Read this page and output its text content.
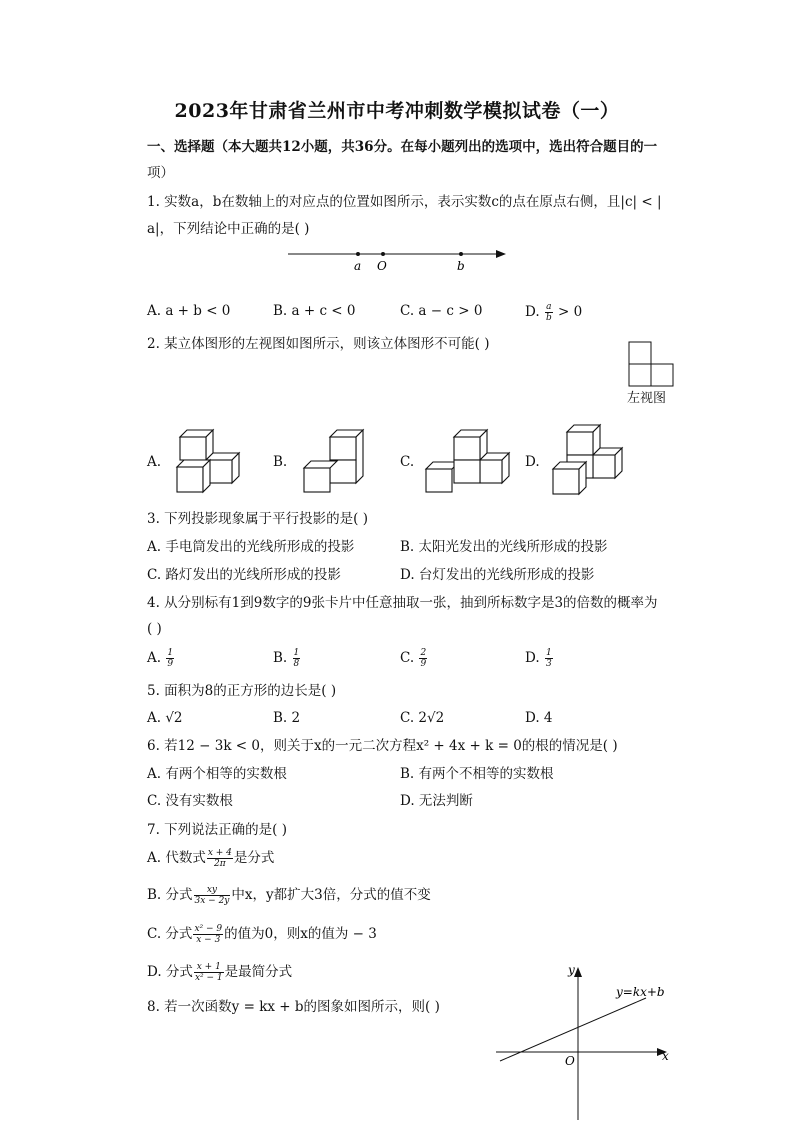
2023年甘肃省兰州市中考冲刺数学模拟试卷（一）
一、选择题（本大题共12小题，共36分。在每小题列出的选项中，选出符合题目的一
项）
1. 实数a，b在数轴上的对应点的位置如图所示，表示实数c的点在原点右侧，且|c| < |
a|，下列结论中正确的是( )
a O	b
A. a + b < 0	B. a + c < 0	C. a − c > 0	D. $\frac{a}{b} > 0$
2. 某立体图形的左视图如图所示，则该立体图形不可能( )
左视图
A.	B.	C.	D.
3. 下列投影现象属于平行投影的是( )
A. 手电筒发出的光线所形成的投影	B. 太阳光发出的光线所形成的投影
C. 路灯发出的光线所形成的投影	D. 台灯发出的光线所形成的投影
4. 从分别标有1到9数字的9张卡片中任意抽取一张，抽到所标数字是3的倍数的概率为
( )
A. $\frac{1}{9}$	B. $\frac{1}{8}$	C. $\frac{2}{9}$	D. $\frac{1}{3}$
5. 面积为8的正方形的边长是( )
A. √2	B. 2	C. 2√2	D. 4
6. 若12 − 3k < 0，则关于x的一元二次方程x² + 4x + k = 0的根的情况是( )
A. 有两个相等的实数根	B. 有两个不相等的实数根
C. 没有实数根	D. 无法判断
7. 下列说法正确的是( )
A. 代数式 $\frac{x + 4}{2\pi}$ 是分式
B. 分式 $\frac{xy}{3x - 2y}$ 中x，y都扩大3倍，分式的值不变
C. 分式 $\frac{\text{x² − 9}}{x - 3}$ 的值为0，则x的值为 − 3
D. 分式 $\frac{x + 1}{\text{x² − 1}}$ 是最简分式
8. 若一次函数y = kx + b的图象如图所示，则( )
y
x
O
y=kx+b
